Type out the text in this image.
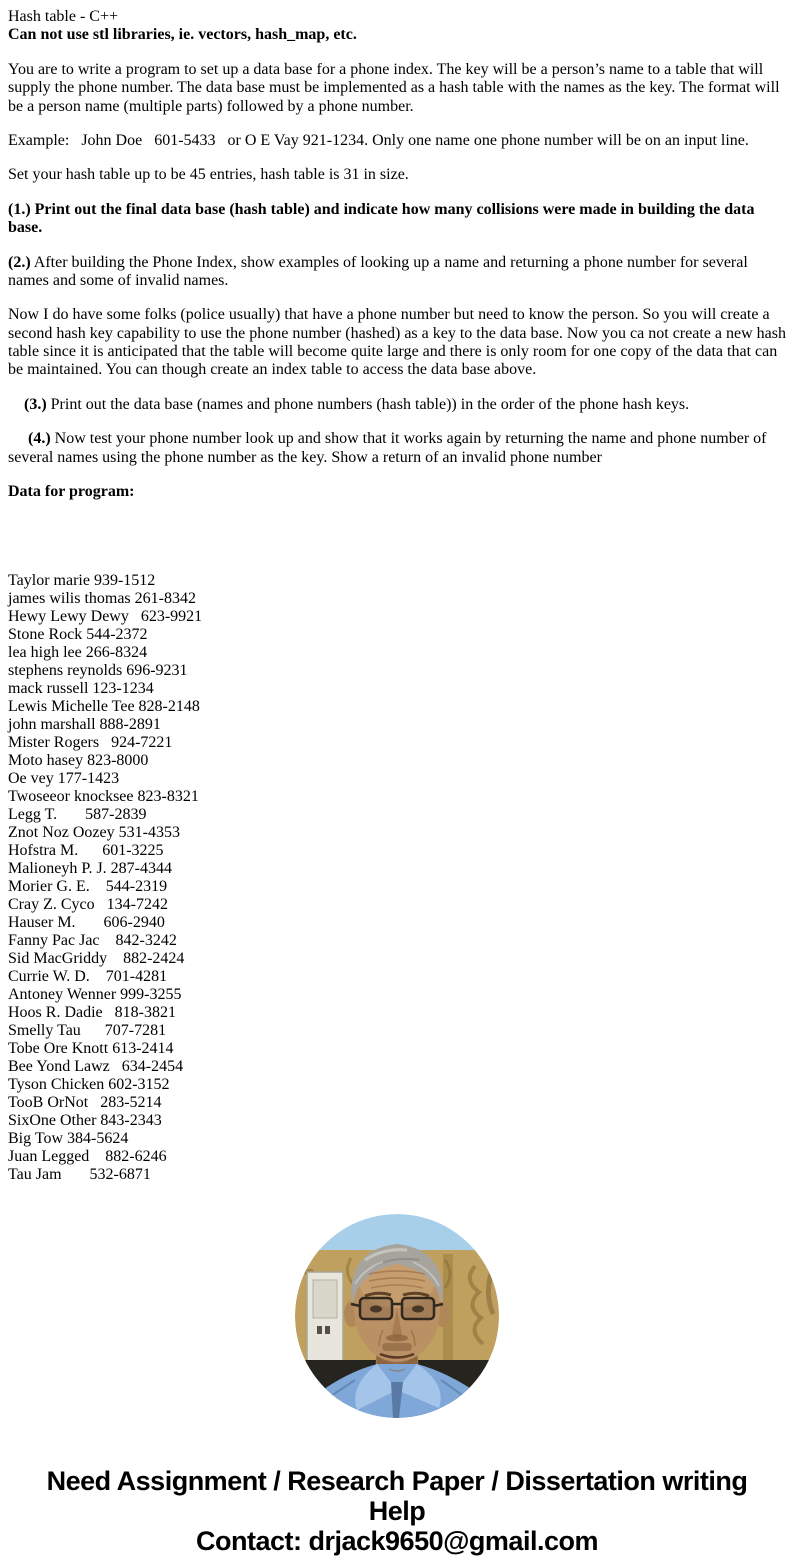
Hash table - C++
Can not use stl libraries, ie. vectors, hash_map, etc.

You are to write a program to set up a data base for a phone index. The key will be a person’s name to a table that will supply the phone number. The data base must be implemented as a hash table with the names as the key. The format will be a person name (multiple parts) followed by a phone number.

Example:   John Doe   601-5433   or O E Vay 921-1234. Only one name one phone number will be on an input line.

Set your hash table up to be 45 entries, hash table is 31 in size.

(1.) Print out the final data base (hash table) and indicate how many collisions were made in building the data base.

(2.) After building the Phone Index, show examples of looking up a name and returning a phone number for several names and some of invalid names.

Now I do have some folks (police usually) that have a phone number but need to know the person. So you will create a second hash key capability to use the phone number (hashed) as a key to the data base. Now you ca not create a new hash table since it is anticipated that the table will become quite large and there is only room for one copy of the data that can be maintained. You can though create an index table to access the data base above.

(3.) Print out the data base (names and phone numbers (hash table)) in the order of the phone hash keys.

(4.) Now test your phone number look up and show that it works again by returning the name and phone number of several names using the phone number as the key. Show a return of an invalid phone number

Data for program:

Taylor marie 939-1512
james wilis thomas 261-8342
Hewy Lewy Dewy   623-9921
Stone Rock 544-2372
lea high lee 266-8324
stephens reynolds 696-9231
mack russell 123-1234
Lewis Michelle Tee 828-2148
john marshall 888-2891
Mister Rogers   924-7221
Moto hasey 823-8000
Oe vey 177-1423
Twoseeor knocksee 823-8321
Legg T.       587-2839
Znot Noz Oozey 531-4353
Hofstra M.      601-3225
Malioneyh P. J. 287-4344
Morier G. E.    544-2319
Cray Z. Cyco   134-7242
Hauser M.       606-2940
Fanny Pac Jac    842-3242
Sid MacGriddy    882-2424
Currie W. D.    701-4281
Antoney Wenner 999-3255
Hoos R. Dadie   818-3821
Smelly Tau      707-7281
Tobe Ore Knott 613-2414
Bee Yond Lawz   634-2454
Tyson Chicken 602-3152
TooB OrNot   283-5214
SixOne Other 843-2343
Big Tow 384-5624
Juan Legged    882-6246
Tau Jam       532-6871
Need Assignment / Research Paper / Dissertation writing Help
Contact: drjack9650@gmail.com
